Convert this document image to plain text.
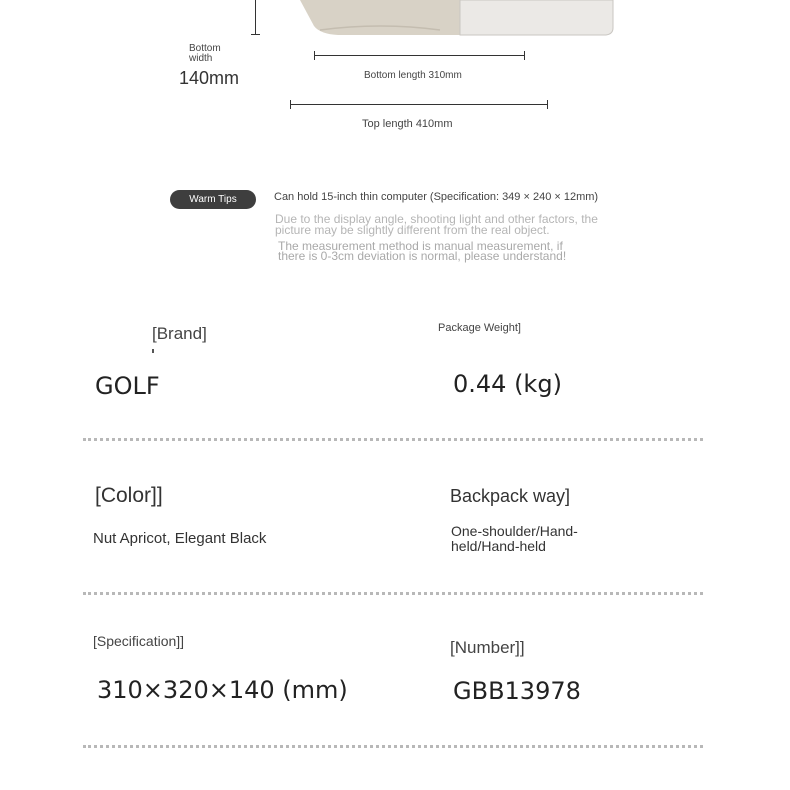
Bottom
width
140mm	Bottom length 310mm
Top length 410mm
Warm Tips	Can hold 15-inch thin computer (Specification: 349 × 240 × 12mm)
Due to the display angle, shooting light and other factors, the
picture may be slightly different from the real object.
The measurement method is manual measurement, if
there is 0-3cm deviation is normal, please understand!
[Brand]
GOLF
Package Weight]
0.44 (kg)
[Color]]
Nut Apricot, Elegant Black
Backpack way]
One-shoulder/Hand-
held/Hand-held
[Specification]]
310×320×140 (mm)
[Number]]
GBB13978
